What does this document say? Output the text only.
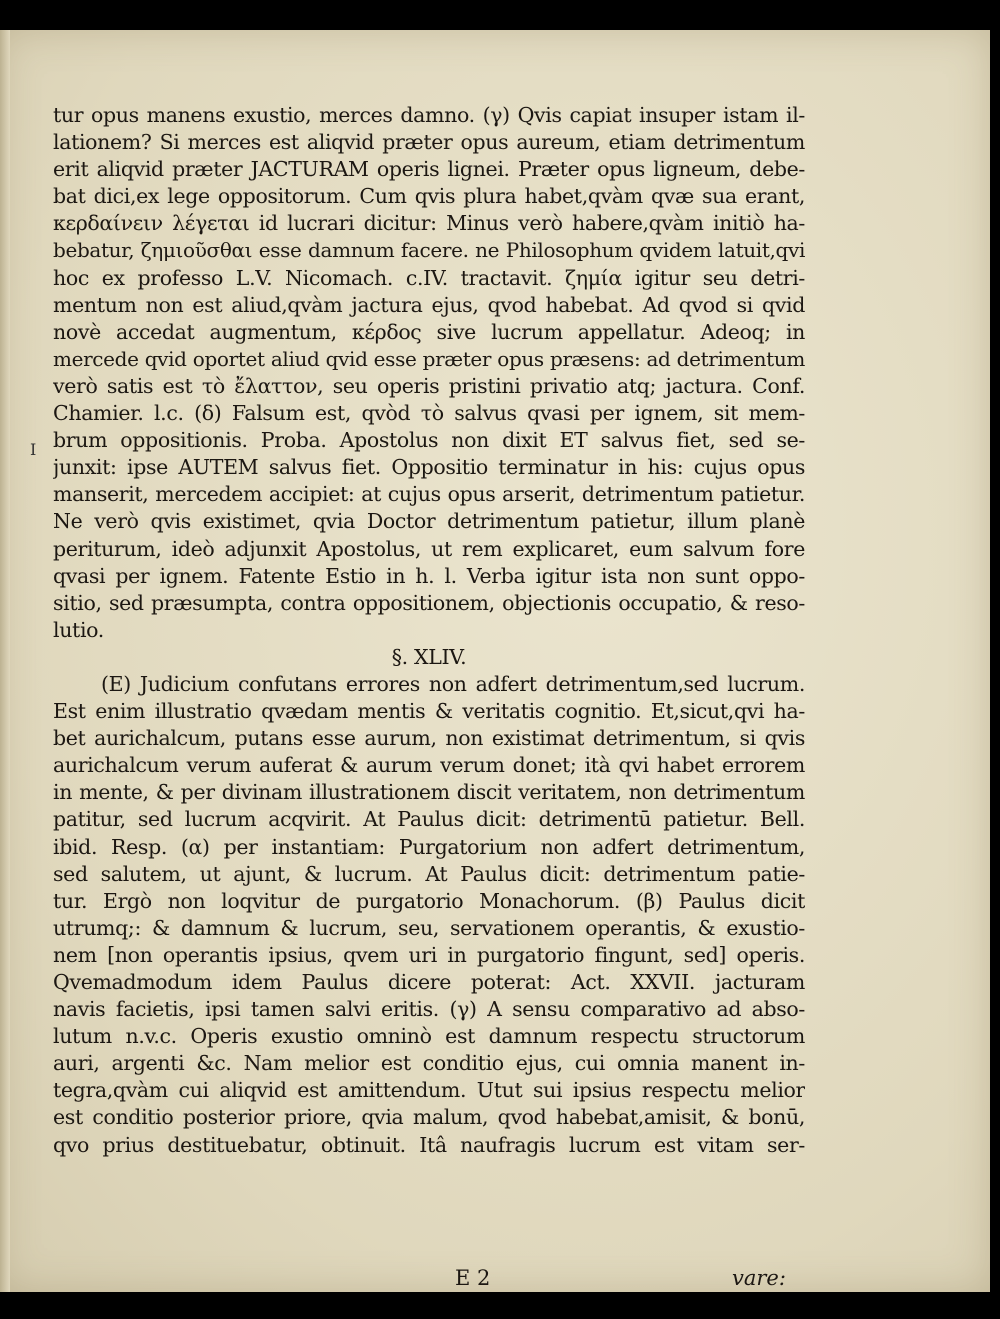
I
tur opus manens exustio, merces damno. (γ) Qvis capiat insuper istam il-
lationem? Si merces est aliqvid præter opus aureum, etiam detrimentum
erit aliqvid præter JACTURAM operis lignei. Præter opus ligneum, debe-
bat dici,ex lege oppositorum. Cum qvis plura habet,qvàm qvæ sua erant,
κερδαίνειν λέγεται id lucrari dicitur: Minus verò habere,qvàm initiò ha-
bebatur, ζημιοῦσθαι esse damnum facere. ne Philosophum qvidem latuit,qvi
hoc ex professo L.V. Nicomach. c.IV. tractavit. ζημία igitur seu detri-
mentum non est aliud,qvàm jactura ejus, qvod habebat. Ad qvod si qvid
novè accedat augmentum, κέρδος sive lucrum appellatur. Adeoq; in
mercede qvid oportet aliud qvid esse præter opus præsens: ad detrimentum
verò satis est τὸ ἔλαττον, seu operis pristini privatio atq; jactura. Conf.
Chamier. l.c. (δ) Falsum est, qvòd τὸ salvus qvasi per ignem, sit mem-
brum oppositionis. Proba. Apostolus non dixit ET salvus fiet, sed se-
junxit: ipse AUTEM salvus fiet. Oppositio terminatur in his: cujus opus
manserit, mercedem accipiet: at cujus opus arserit, detrimentum patietur.
Ne verò qvis existimet, qvia Doctor detrimentum patietur, illum planè
periturum, ideò adjunxit Apostolus, ut rem explicaret, eum salvum fore
qvasi per ignem. Fatente Estio in h. l. Verba igitur ista non sunt oppo-
sitio, sed præsumpta, contra oppositionem, objectionis occupatio, & reso-
lutio.
§. XLIV.
(E) Judicium confutans errores non adfert detrimentum,sed lucrum.
Est enim illustratio qvædam mentis & veritatis cognitio. Et,sicut,qvi ha-
bet aurichalcum, putans esse aurum, non existimat detrimentum, si qvis
aurichalcum verum auferat & aurum verum donet; ità qvi habet errorem
in mente, & per divinam illustrationem discit veritatem, non detrimentum
patitur, sed lucrum acqvirit. At Paulus dicit: detrimentū patietur. Bell.
ibid. Resp. (α) per instantiam: Purgatorium non adfert detrimentum,
sed salutem, ut ajunt, & lucrum. At Paulus dicit: detrimentum patie-
tur. Ergò non loqvitur de purgatorio Monachorum. (β) Paulus dicit
utrumq;: & damnum & lucrum, seu, servationem operantis, & exustio-
nem [non operantis ipsius, qvem uri in purgatorio fingunt, sed] operis.
Qvemadmodum idem Paulus dicere poterat: Act. XXVII. jacturam
navis facietis, ipsi tamen salvi eritis. (γ) A sensu comparativo ad abso-
lutum n.v.c. Operis exustio omninò est damnum respectu structorum
auri, argenti &c. Nam melior est conditio ejus, cui omnia manent in-
tegra,qvàm cui aliqvid est amittendum. Utut sui ipsius respectu melior
est conditio posterior priore, qvia malum, qvod habebat,amisit, & bonū,
qvo prius destituebatur, obtinuit. Itâ naufragis lucrum est vitam ser-
E 2	vare:
